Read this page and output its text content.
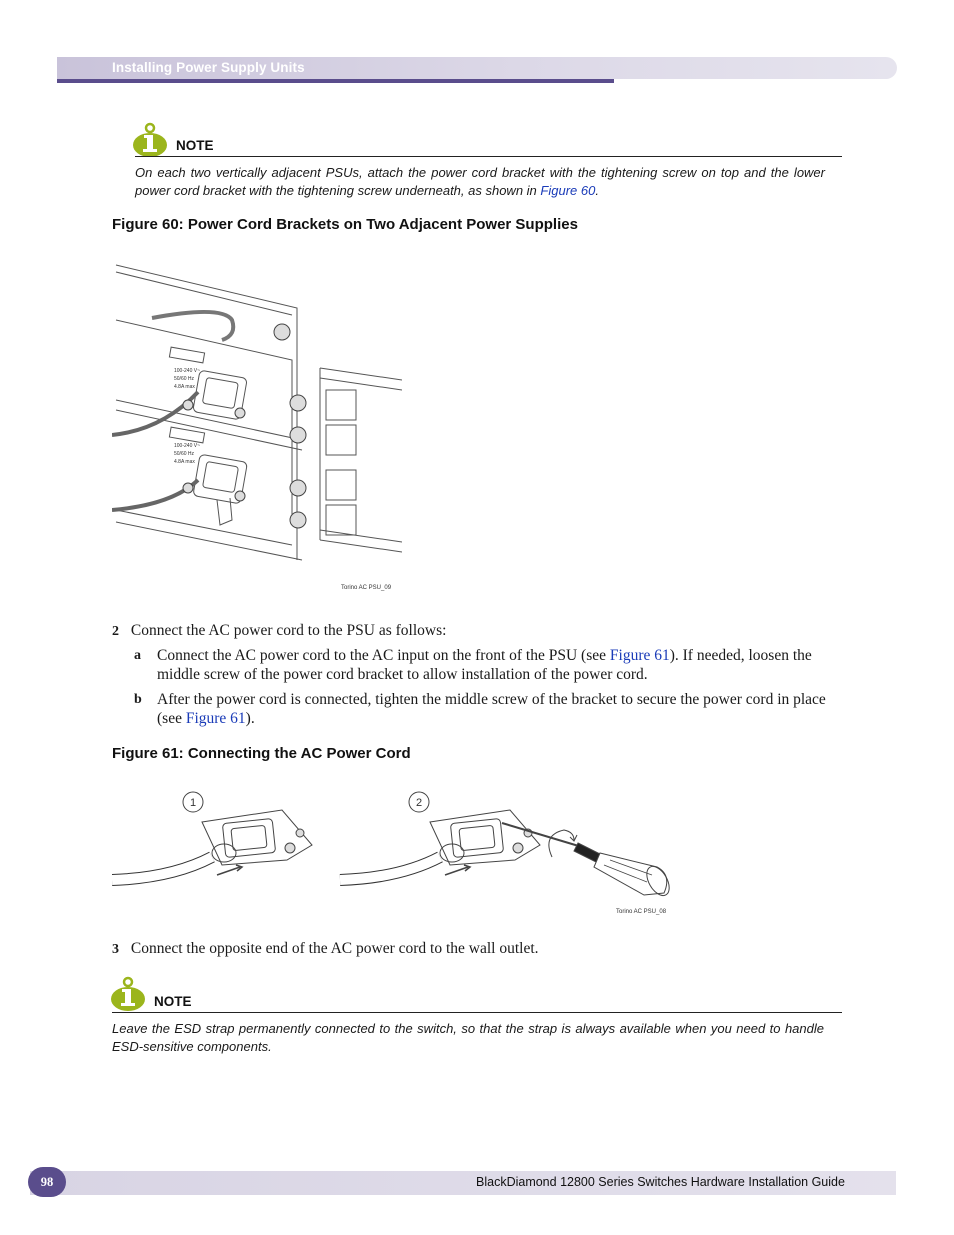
Installing Power Supply Units
NOTE
On each two vertically adjacent PSUs, attach the power cord bracket with the tightening screw on top and the lower power cord bracket with the tightening screw underneath, as shown in Figure 60.
Figure 60: Power Cord Brackets on Two Adjacent Power Supplies
100-240 V~
50/60 Hz
4.8A max
100-240 V~
50/60 Hz
4.8A max
Torino AC PSU_09
2 Connect the AC power cord to the PSU as follows:
a Connect the AC power cord to the AC input on the front of the PSU (see Figure 61). If needed, loosen the middle screw of the power cord bracket to allow installation of the power cord.
b After the power cord is connected, tighten the middle screw of the bracket to secure the power cord in place (see Figure 61).
Figure 61: Connecting the AC Power Cord
1	2
Torino AC PSU_08
3 Connect the opposite end of the AC power cord to the wall outlet.
NOTE
Leave the ESD strap permanently connected to the switch, so that the strap is always available when you need to handle ESD-sensitive components.
98	BlackDiamond 12800 Series Switches Hardware Installation Guide
